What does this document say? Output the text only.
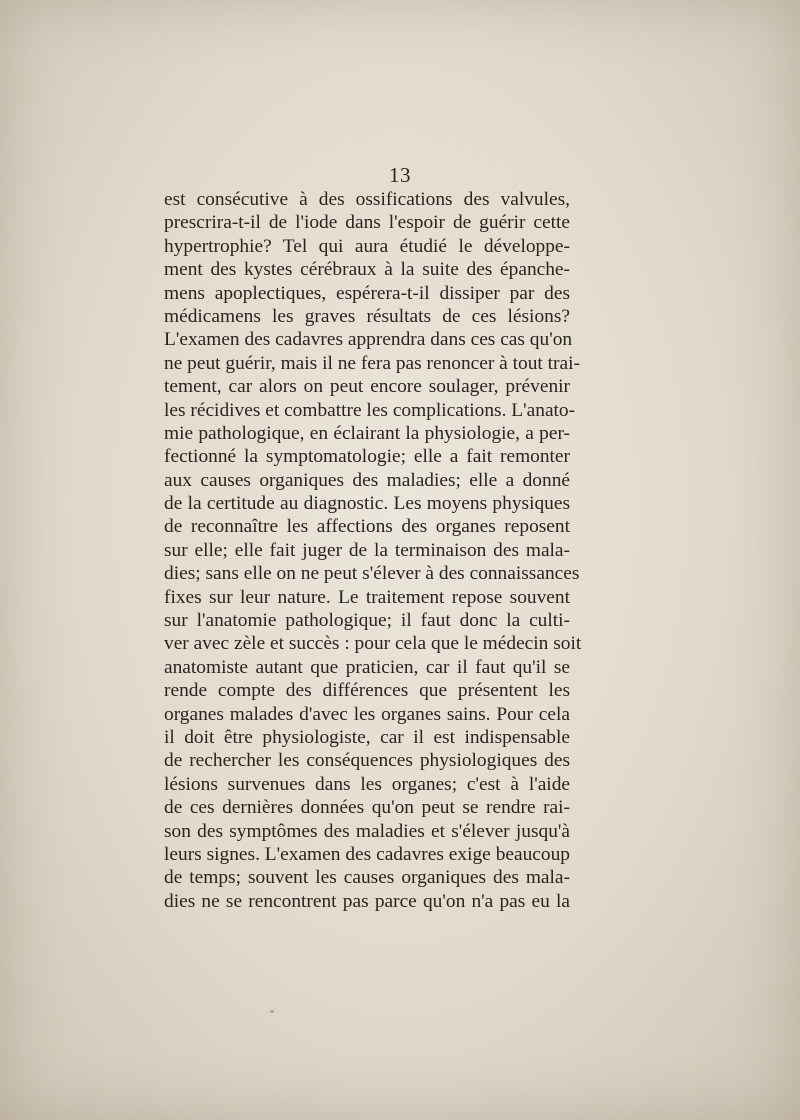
13
est consécutive à des ossifications des valvules,
prescrira-t-il de l'iode dans l'espoir de guérir cette
hypertrophie? Tel qui aura étudié le développe-
ment des kystes cérébraux à la suite des épanche-
mens apoplectiques, espérera-t-il dissiper par des
médicamens les graves résultats de ces lésions?
L'examen des cadavres apprendra dans ces cas qu'on
ne peut guérir, mais il ne fera pas renoncer à tout trai-
tement, car alors on peut encore soulager, prévenir
les récidives et combattre les complications. L'anato-
mie pathologique, en éclairant la physiologie, a per-
fectionné la symptomatologie; elle a fait remonter
aux causes organiques des maladies; elle a donné
de la certitude au diagnostic. Les moyens physiques
de reconnaître les affections des organes reposent
sur elle; elle fait juger de la terminaison des mala-
dies; sans elle on ne peut s'élever à des connaissances
fixes sur leur nature. Le traitement repose souvent
sur l'anatomie pathologique; il faut donc la culti-
ver avec zèle et succès : pour cela que le médecin soit
anatomiste autant que praticien, car il faut qu'il se
rende compte des différences que présentent les
organes malades d'avec les organes sains. Pour cela
il doit être physiologiste, car il est indispensable
de rechercher les conséquences physiologiques des
lésions survenues dans les organes; c'est à l'aide
de ces dernières données qu'on peut se rendre rai-
son des symptômes des maladies et s'élever jusqu'à
leurs signes. L'examen des cadavres exige beaucoup
de temps; souvent les causes organiques des mala-
dies ne se rencontrent pas parce qu'on n'a pas eu la
